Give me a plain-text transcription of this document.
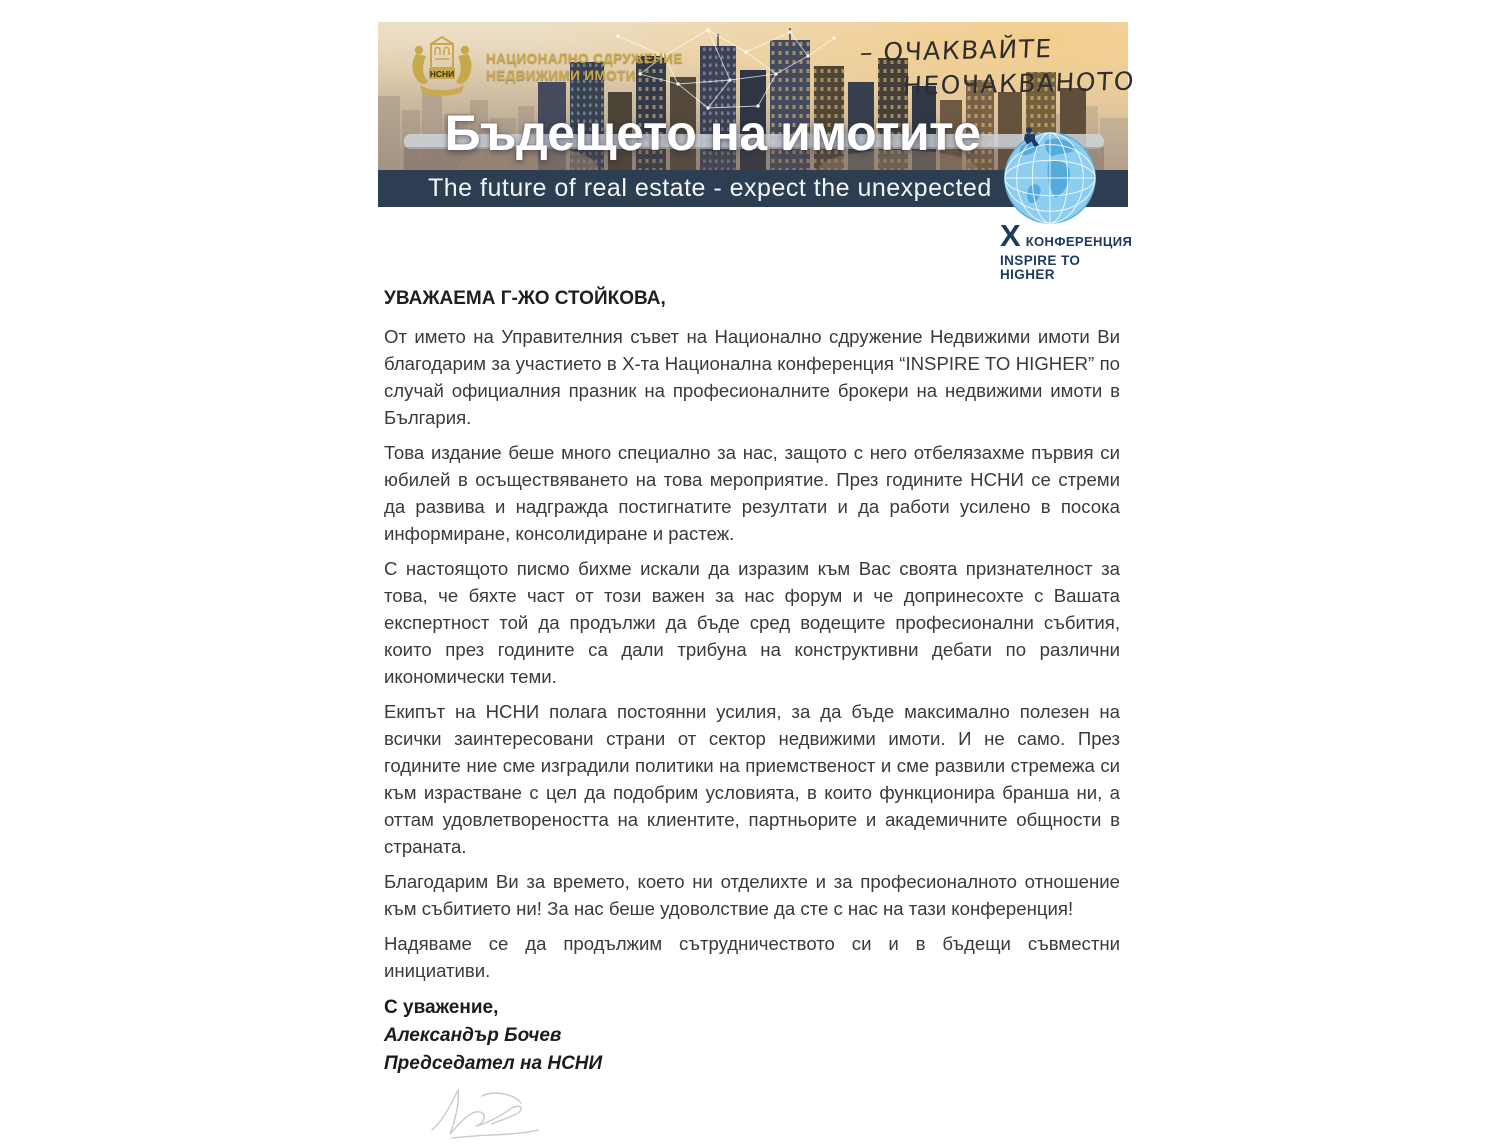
НСНИ
НАЦИОНАЛНО СДРУЖЕНИЕ
НЕДВИЖИМИ ИМОТИ
– ОЧАКВАЙТЕ
НЕОЧАКВАНОТО
Бъдещето на имотите
The future of real estate - expect the unexpected
X КОНФЕРЕНЦИЯ
INSPIRE TO HIGHER
УВАЖАЕМА Г-ЖО СТОЙКОВА,

От името на Управителния съвет на Национално сдружение Недвижими имоти Ви благодарим за участието в Х-та Национална конференция “INSPIRE TO HIGHER” по случай официалния празник на професионалните брокери на недвижими имоти в България.

Това издание беше много специално за нас, защото с него отбелязахме първия си юбилей в осъществяването на това мероприятие. През годините НСНИ се стреми да развива и надгражда постигнатите резултати и да работи усилено в посока информиране, консолидиране и растеж.

С настоящото писмо бихме искали да изразим към Вас своята признателност за това, че бяхте част от този важен за нас форум и че допринесохте с Вашата експертност той да продължи да бъде сред водещите професионални събития, които през годините са дали трибуна на конструктивни дебати по различни икономически теми.

Екипът на НСНИ полага постоянни усилия, за да бъде максимално полезен на всички заинтересовани страни от сектор недвижими имоти. И не само. През годините ние сме изградили политики на приемственост и сме развили стремежа си към израстване с цел да подобрим условията, в които функционира бранша ни, а оттам удовлетвореността на клиентите, партньорите и академичните общности в страната.

Благодарим Ви за времето, което ни отделихте и за професионалното отношение към събитието ни! За нас беше удоволствие да сте с нас на тази конференция!

Надяваме се да продължим сътрудничеството си и в бъдещи съвместни инициативи.

С уважение,
Александър Бочев
Председател на НСНИ
